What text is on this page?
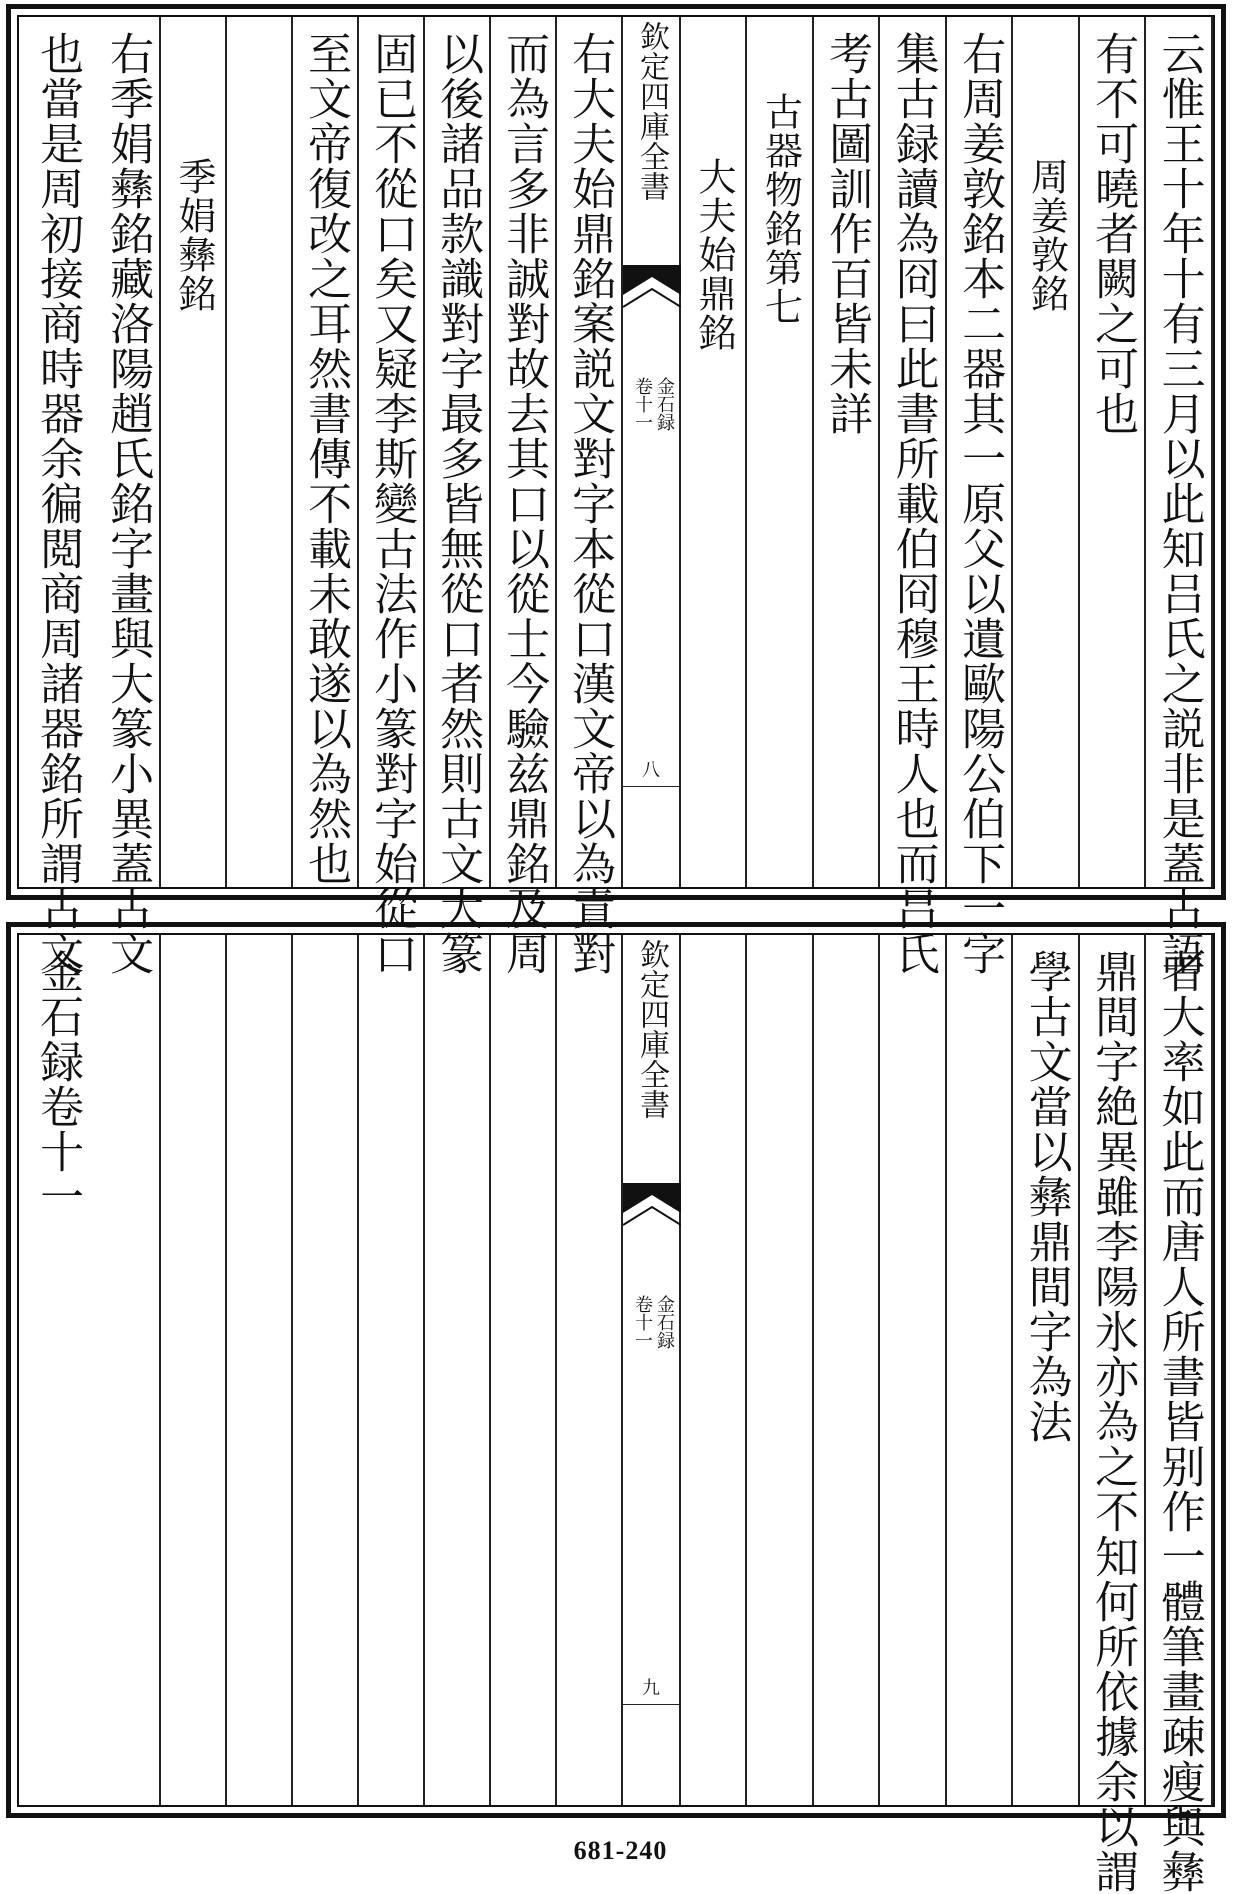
云惟王十年十有三月以此知吕氏之説非是蓋古語
有不可曉者闕之可也
周姜敦銘
右周姜敦銘本二器其一原父以遺歐陽公伯下一字
集古録讀為冏曰此書所載伯冏穆王時人也而吕氏
考古圖訓作百皆未詳
古器物銘第七
大夫始鼎銘
欽定四庫全書
金石録
卷十一
八
右大夫始鼎銘案説文對字本從口漢文帝以為責對
而為言多非誠對故去其口以從士今驗兹鼎銘及周
以後諸品款識對字最多皆無從口者然則古文大篆
固已不從口矣又疑李斯變古法作小篆對字始從口
至文帝復改之耳然書傳不載未敢遂以為然也
季娟彝銘
右季娟彝銘藏洛陽趙氏銘字畫與大篆小異蓋古文
也當是周初接商時器余徧閲商周諸器銘所謂古文
者大率如此而唐人所書皆别作一體筆畫疎瘦與彝
鼎間字絶異雖李陽氷亦為之不知何所依據余以謂
學古文當以彝鼎間字為法
欽定四庫全書
金石録
卷十一
九
金石録卷十一
681-240
